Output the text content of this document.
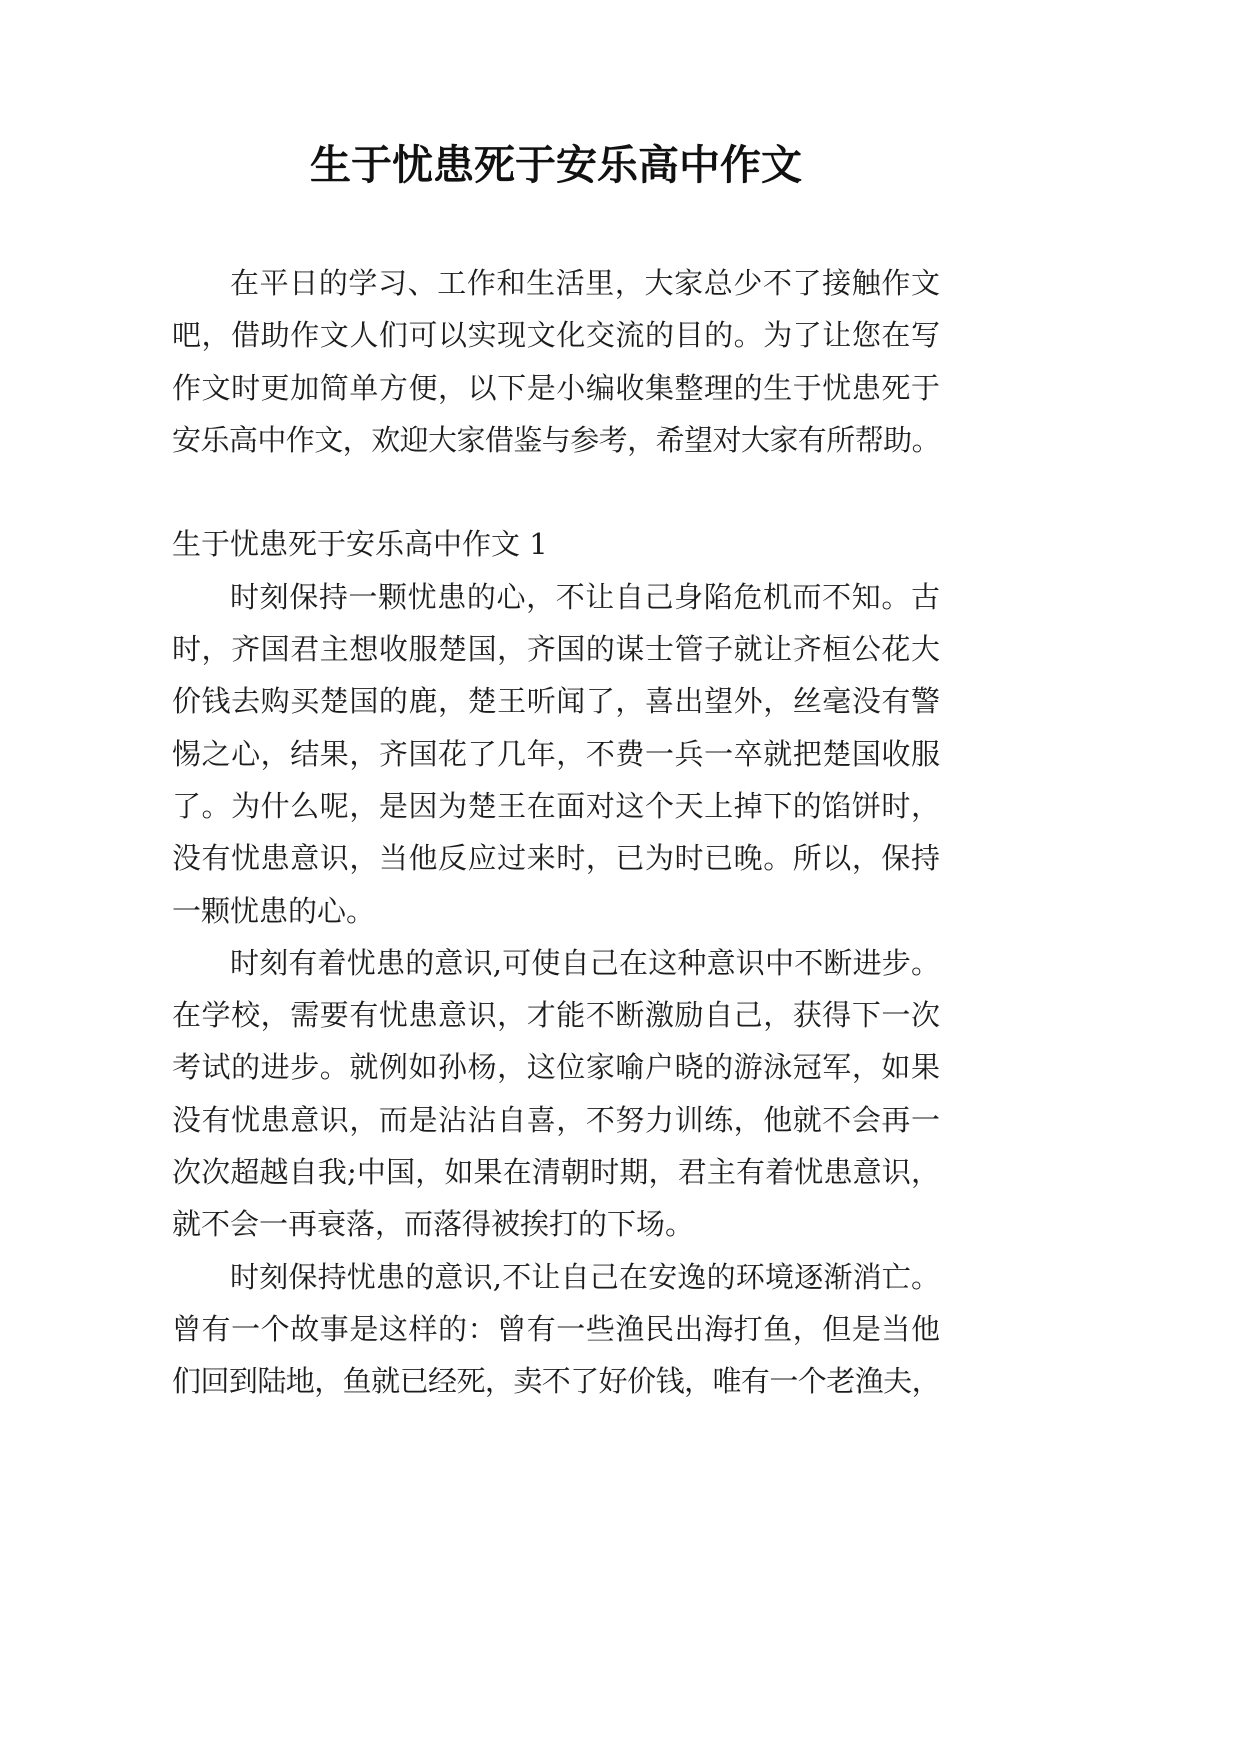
生于忧患死于安乐高中作文
在平日的学习、工作和生活里，大家总少不了接触作文
吧，借助作文人们可以实现文化交流的目的。为了让您在写
作文时更加简单方便，以下是小编收集整理的生于忧患死于
安乐高中作文，欢迎大家借鉴与参考，希望对大家有所帮助。
生于忧患死于安乐高中作文 1
时刻保持一颗忧患的心，不让自己身陷危机而不知。古
时，齐国君主想收服楚国，齐国的谋士管子就让齐桓公花大
价钱去购买楚国的鹿，楚王听闻了，喜出望外，丝毫没有警
惕之心，结果，齐国花了几年，不费一兵一卒就把楚国收服
了。为什么呢，是因为楚王在面对这个天上掉下的馅饼时，
没有忧患意识，当他反应过来时，已为时已晚。所以，保持
一颗忧患的心。
时刻有着忧患的意识,可使自己在这种意识中不断进步。
在学校，需要有忧患意识，才能不断激励自己，获得下一次
考试的进步。就例如孙杨，这位家喻户晓的游泳冠军，如果
没有忧患意识，而是沾沾自喜，不努力训练，他就不会再一
次次超越自我;中国，如果在清朝时期，君主有着忧患意识，
就不会一再衰落，而落得被挨打的下场。
时刻保持忧患的意识,不让自己在安逸的环境逐渐消亡。
曾有一个故事是这样的：曾有一些渔民出海打鱼，但是当他
们回到陆地，鱼就已经死，卖不了好价钱，唯有一个老渔夫，
